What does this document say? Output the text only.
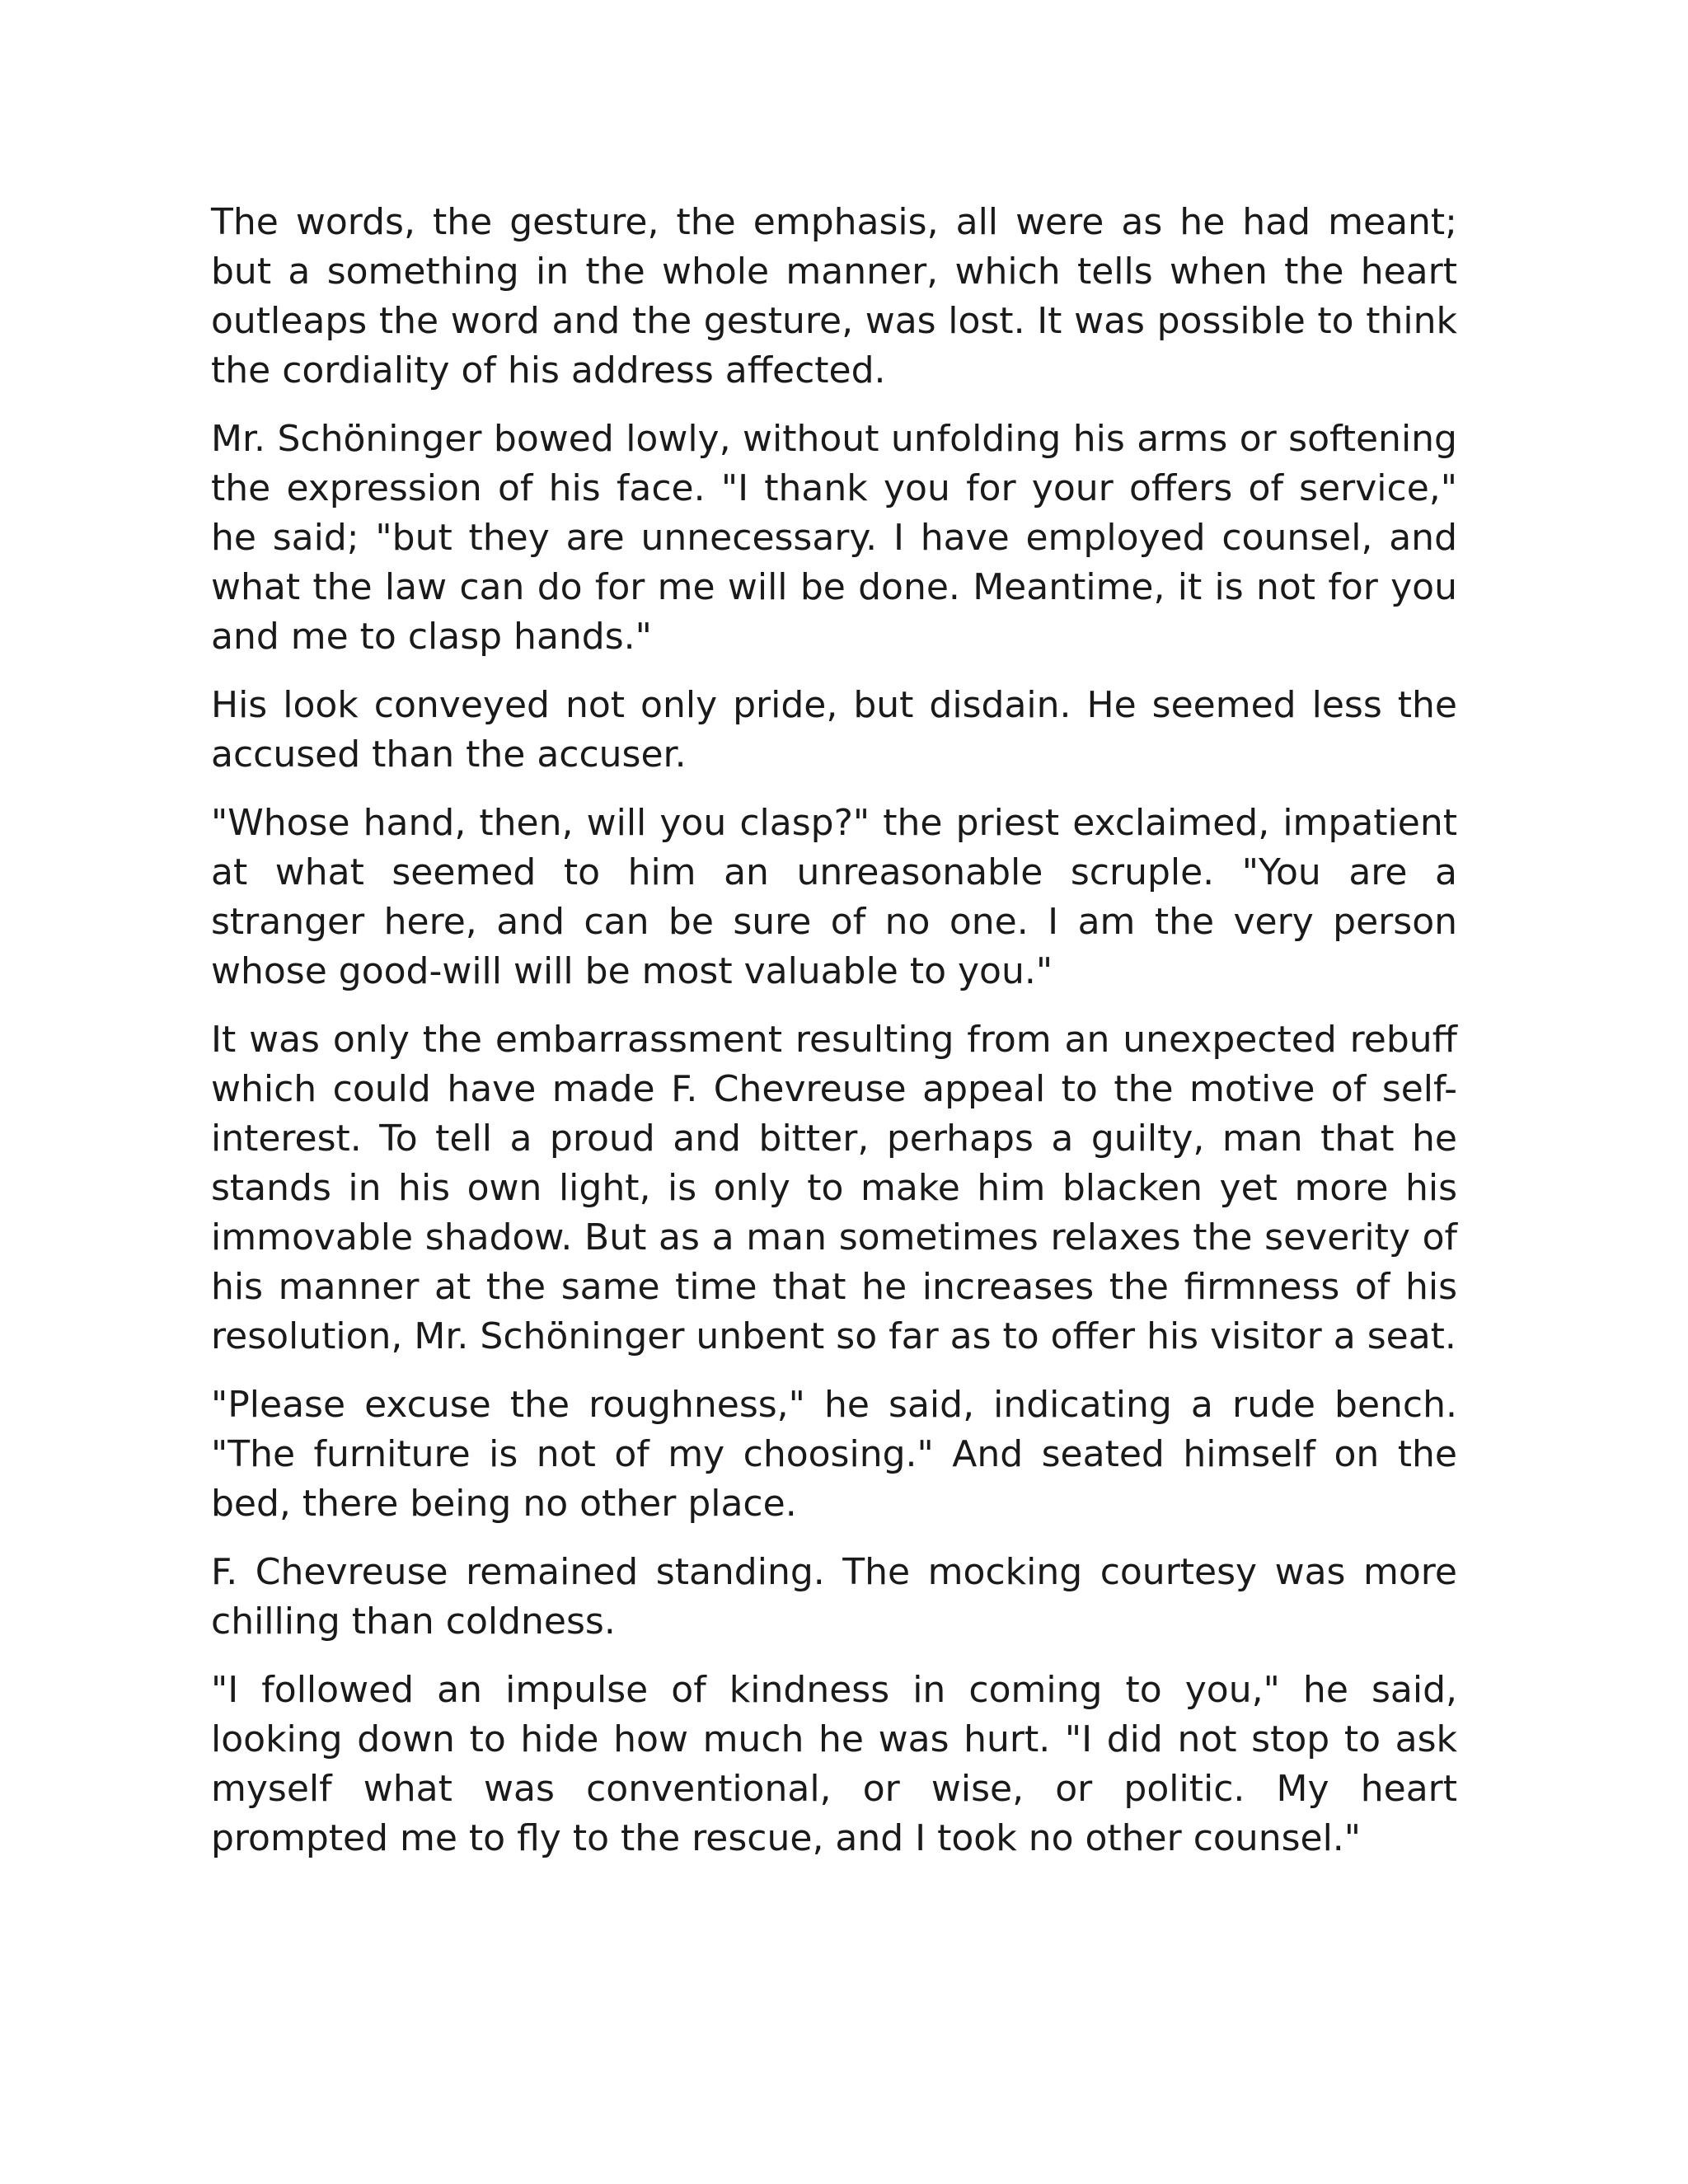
The words, the gesture, the emphasis, all were as he had meant; but a something in the whole manner, which tells when the heart outleaps the word and the gesture, was lost. It was possible to think the cordiality of his address affected.

Mr. Schöninger bowed lowly, without unfolding his arms or softening the expression of his face. "I thank you for your offers of service," he said; "but they are unnecessary. I have employed counsel, and what the law can do for me will be done. Meantime, it is not for you and me to clasp hands."

His look conveyed not only pride, but disdain. He seemed less the accused than the accuser.

"Whose hand, then, will you clasp?" the priest exclaimed, impatient at what seemed to him an unreasonable scruple. "You are a stranger here, and can be sure of no one. I am the very person whose good-will will be most valuable to you."

It was only the embarrassment resulting from an unexpected rebuff which could have made F. Chevreuse appeal to the motive of self-interest. To tell a proud and bitter, perhaps a guilty, man that he stands in his own light, is only to make him blacken yet more his immovable shadow. But as a man sometimes relaxes the severity of his manner at the same time that he increases the firmness of his resolution, Mr. Schöninger unbent so far as to offer his visitor a seat.

"Please excuse the roughness," he said, indicating a rude bench. "The furniture is not of my choosing." And seated himself on the bed, there being no other place.

F. Chevreuse remained standing. The mocking courtesy was more chilling than coldness.

"I followed an impulse of kindness in coming to you," he said, looking down to hide how much he was hurt. "I did not stop to ask myself what was conventional, or wise, or politic. My heart prompted me to fly to the rescue, and I took no other counsel."
